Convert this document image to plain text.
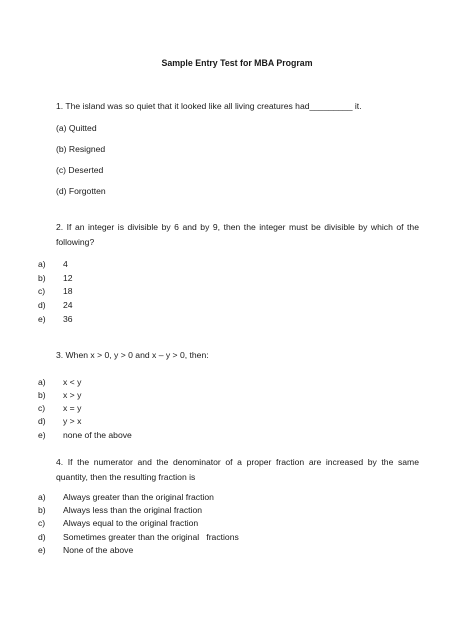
Sample Entry Test for MBA Program
1. The island was so quiet that it looked like all living creatures had_________ it.
(a) Quitted
(b) Resigned
(c) Deserted
(d) Forgotten
2. If an integer is divisible by 6 and by 9, then the integer must be divisible by which of the following?
a) 4
b) 12
c) 18
d) 24
e) 36
3. When x > 0, y > 0 and x – y > 0, then:
a) x < y
b) x > y
c) x = y
d) y > x
e) none of the above
4. If the numerator and the denominator of a proper fraction are increased by the same quantity, then the resulting fraction is
a) Always greater than the original fraction
b) Always less than the original fraction
c) Always equal to the original fraction
d) Sometimes greater than the original   fractions
e) None of the above
